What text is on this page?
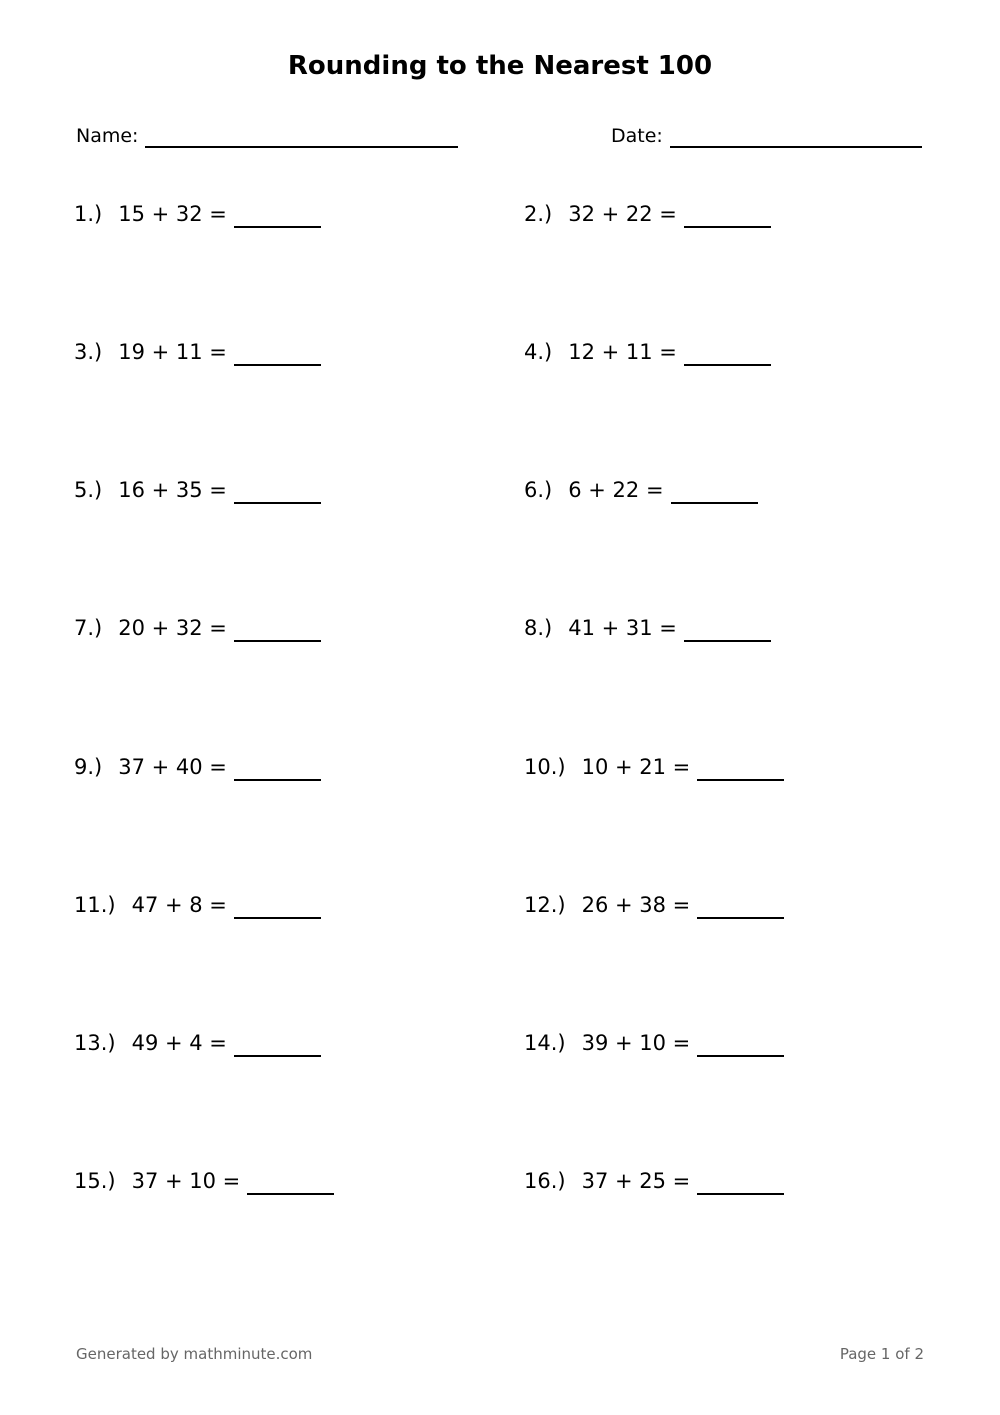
Rounding to the Nearest 100
Name:	Date:
1.) 15 + 32 =	2.) 32 + 22 =
3.) 19 + 11 =	4.) 12 + 11 =
5.) 16 + 35 =	6.) 6 + 22 =
7.) 20 + 32 =	8.) 41 + 31 =
9.) 37 + 40 =	10.) 10 + 21 =
11.) 47 + 8 =	12.) 26 + 38 =
13.) 49 + 4 =	14.) 39 + 10 =
15.) 37 + 10 =	16.) 37 + 25 =
Generated by mathminute.com	Page 1 of 2
